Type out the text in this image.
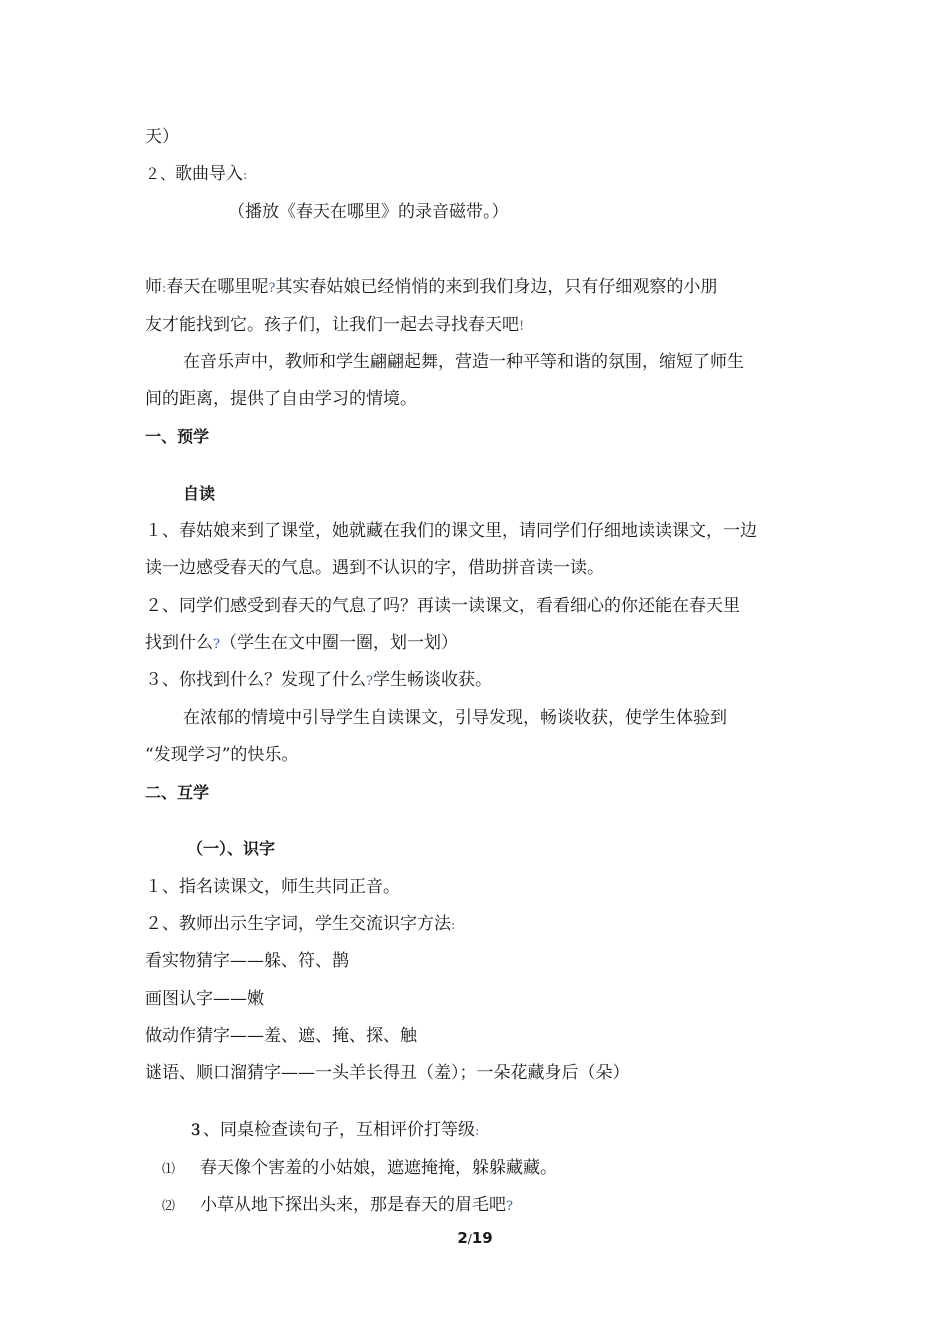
天）
２、歌曲导入:
（播放《春天在哪里》的录音磁带。）
师:春天在哪里呢?其实春姑娘已经悄悄的来到我们身边，只有仔细观察的小朋
友才能找到它。孩子们，让我们一起去寻找春天吧!
在音乐声中，教师和学生翩翩起舞，营造一种平等和谐的氛围，缩短了师生
间的距离，提供了自由学习的情境。
一、预学
自读
１、春姑娘来到了课堂，她就藏在我们的课文里，请同学们仔细地读读课文，一边
读一边感受春天的气息。遇到不认识的字，借助拼音读一读。
２、同学们感受到春天的气息了吗？再读一读课文，看看细心的你还能在春天里
找到什么?（学生在文中圈一圈，划一划）
３、你找到什么？发现了什么?学生畅谈收获。
在浓郁的情境中引导学生自读课文，引导发现，畅谈收获，使学生体验到
“发现学习”的快乐。
二、互学
（一）、识字
１、指名读课文，师生共同正音。
２、教师出示生字词，学生交流识字方法:
看实物猜字——躲、符、鹊
画图认字——嫩
做动作猜字——羞、遮、掩、探、触
谜语、顺口溜猜字——一头羊长得丑（羞）；一朵花藏身后（朵）
３、同桌检查读句子，互相评价打等级:
⑴ 春天像个害羞的小姑娘，遮遮掩掩，躲躲藏藏。
⑵ 小草从地下探出头来，那是春天的眉毛吧?
2/19
